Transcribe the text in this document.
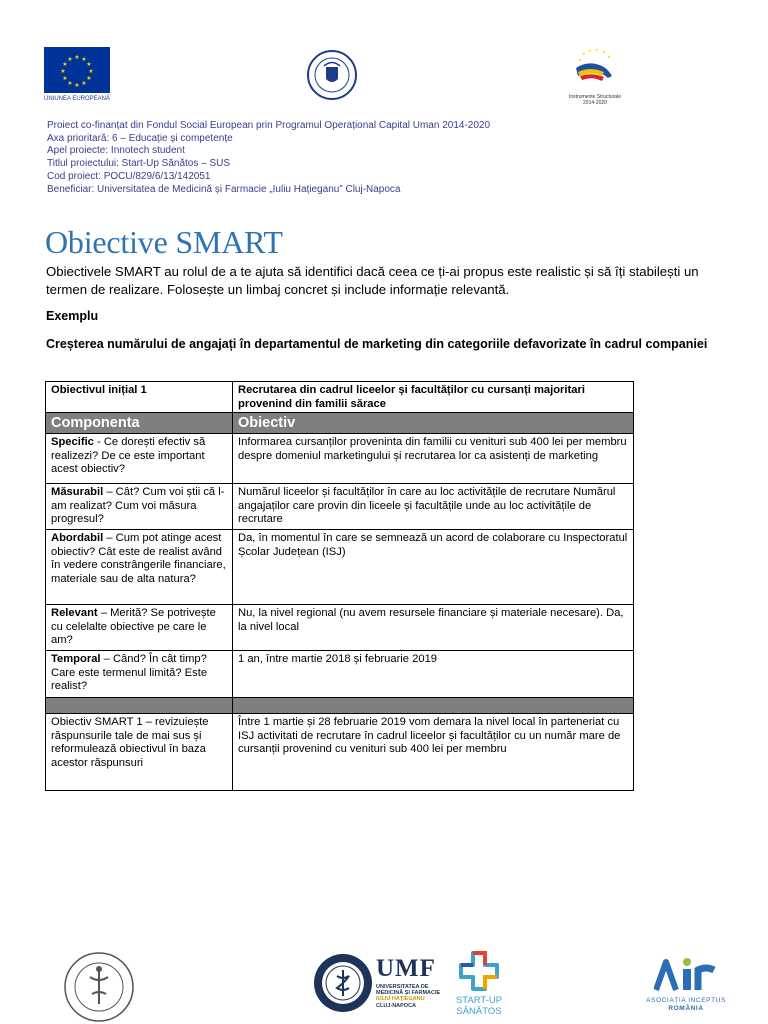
★ ★
★
★
★
★
★
★
★
★
★
★
UNIUNEA EUROPEANĂ
★
★ ★ ★
★
★
Instrumente Structurale
2014-2020
Proiect co-finanțat din Fondul Social European prin Programul Operațional Capital Uman 2014-2020
Axa prioritară: 6 – Educație și competențe
Apel proiecte: Innotech student
Titlul proiectului: Start-Up Sănătos – SUS
Cod proiect: POCU/829/6/13/142051
Beneficiar: Universitatea de Medicină și Farmacie „Iuliu Hațieganu” Cluj-Napoca
Obiective SMART
Obiectivele SMART au rolul de a te ajuta să identifici dacă ceea ce ți-ai propus este realistic și să îți stabilești un termen de realizare. Folosește un limbaj concret și include informație relevantă.
Exemplu
Creșterea numărului de angajați în departamentul de marketing din categoriile defavorizate în cadrul companiei
Obiectivul inițial 1	Recrutarea din cadrul liceelor și facultăților cu cursanți majoritari provenind din familii sărace
Componenta	Obiectiv
Specific - Ce dorești efectiv să realizezi? De ce este important acest obiectiv?	Informarea cursanților proveninta din familii cu venituri sub 400 lei per membru despre domeniul marketingului și recrutarea lor ca asistenți de marketing
Măsurabil – Cât? Cum voi știi că l-am realizat? Cum voi măsura progresul?	Numărul liceelor și facultăților în care au loc activitățile de recrutare Numărul angajaților care provin din liceele și facultățile unde au loc activitățile de recrutare
Abordabil – Cum pot atinge acest obiectiv? Cât este de realist având în vedere constrângerile financiare, materiale sau de alta natura?	Da, în momentul în care se semnează un acord de colaborare cu Inspectoratul Școlar Județean (ISJ)
Relevant – Merită? Se potrivește cu celelalte obiective pe care le am?	Nu, la nivel regional (nu avem resursele financiare și materiale necesare). Da, la nivel local
Temporal – Când? În cât timp? Care este termenul limită? Este realist?	1 an, între martie 2018 și februarie 2019

Obiectiv SMART 1 – revizuiește răspunsurile tale de mai sus și reformulează obiectivul în baza acestor răspunsuri	Între 1 martie și 28 februarie 2019 vom demara la nivel local în parteneriat cu ISJ activitati de recrutare în cadrul liceelor și facultăților cu un număr mare de cursanții provenind cu venituri sub 400 lei per membru
UMF
UNIVERSITATEA DE
MEDICINĂ ȘI FARMACIE
IULIU HAȚIEGANU
CLUJ-NAPOCA	START-UP
SĂNĂTOS
ASOCIAȚIA INCEPTUS
ROMÂNIA
